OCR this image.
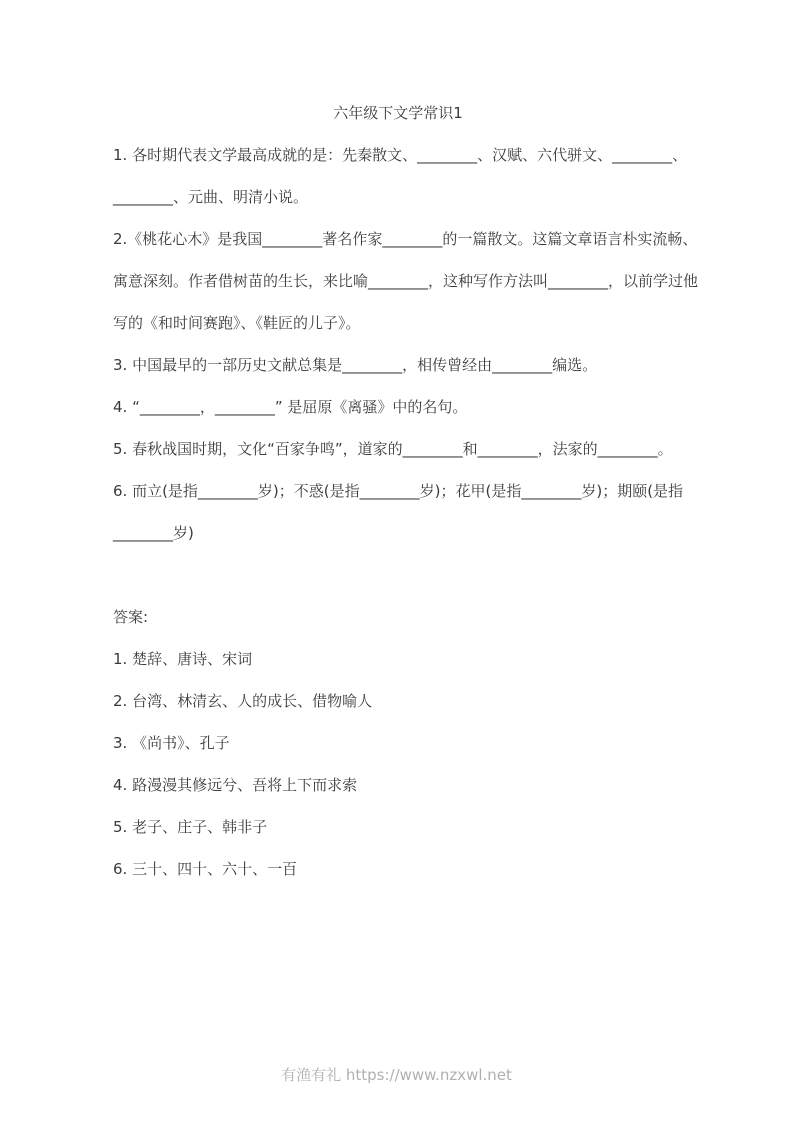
六年级下文学常识1
1. 各时期代表文学最高成就的是：先秦散文、________、汉赋、六代骈文、________、
________、元曲、明清小说。
2.《桃花心木》是我国________著名作家________的一篇散文。这篇文章语言朴实流畅、
寓意深刻。作者借树苗的生长，来比喻________，这种写作方法叫________，以前学过他
写的《和时间赛跑》、《鞋匠的儿子》。
3. 中国最早的一部历史文献总集是________，相传曾经由________编选。
4. “________，________” 是屈原《离骚》中的名句。
5. 春秋战国时期，文化“百家争鸣”，道家的________和________，法家的________。
6. 而立(是指________岁)；不惑(是指________岁)；花甲(是指________岁)；期颐(是指
________岁)
答案:
1. 楚辞、唐诗、宋词
2. 台湾、林清玄、人的成长、借物喻人
3. 《尚书》、孔子
4. 路漫漫其修远兮、吾将上下而求索
5. 老子、庄子、韩非子
6. 三十、四十、六十、一百
有渔有礼 https://www.nzxwl.net
